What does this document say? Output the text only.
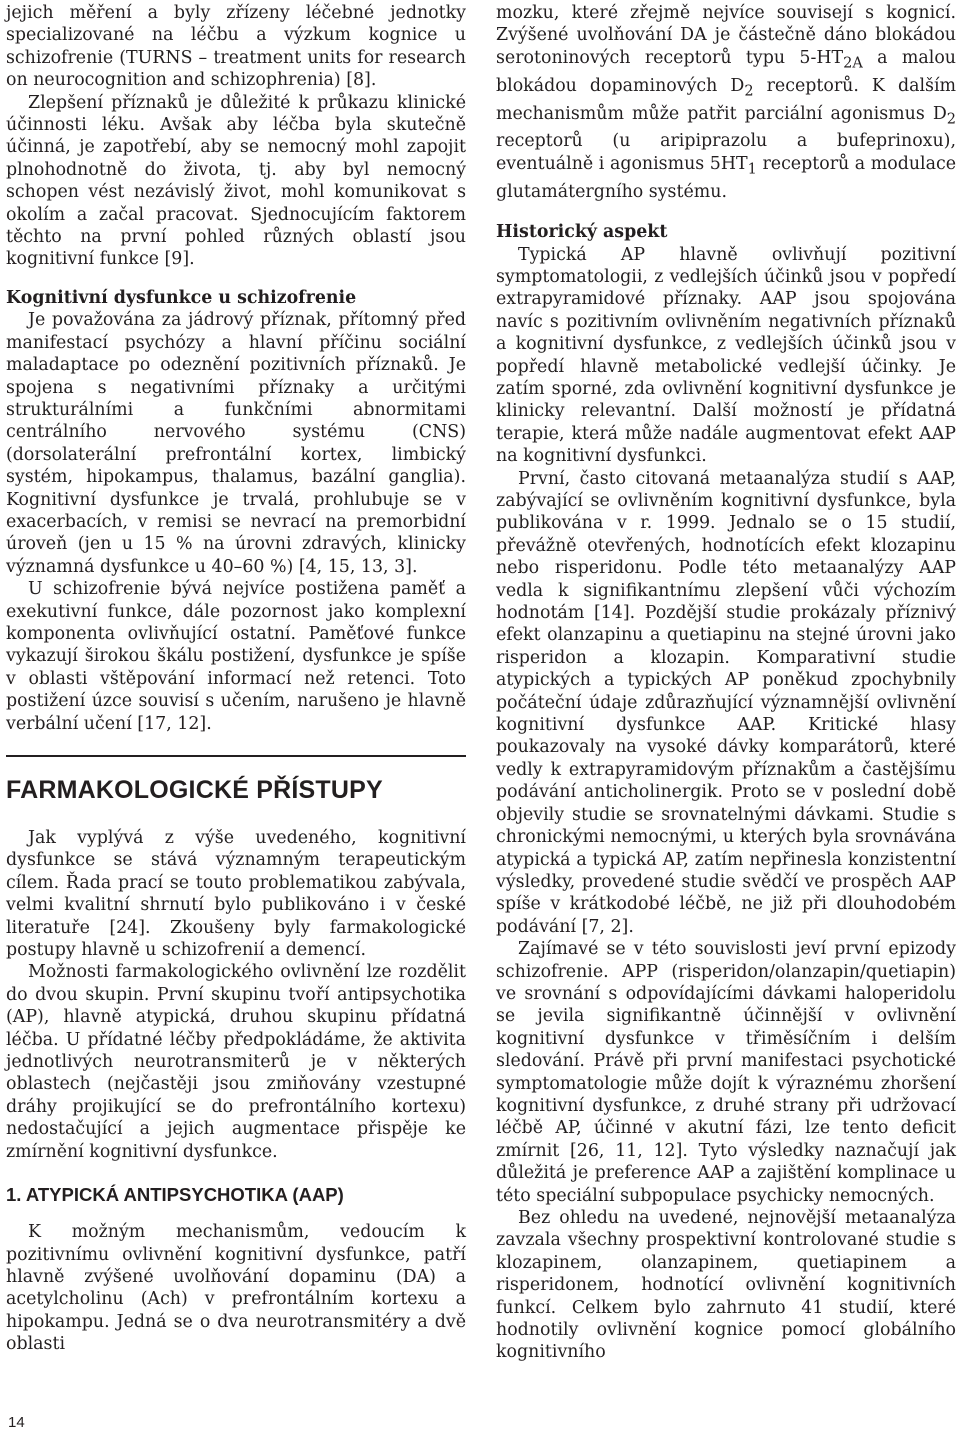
jejich měření a byly zřízeny léčebné jednotky specializované na léčbu a výzkum kognice u schizofrenie (TURNS – treatment units for research on neurocognition and schizophrenia) [8].

Zlepšení příznaků je důležité k průkazu klinické účinnosti léku. Avšak aby léčba byla skutečně účinná, je zapotřebí, aby se nemocný mohl zapojit plnohodnotně do života, tj. aby byl nemocný schopen vést nezávislý život, mohl komunikovat s okolím a začal pracovat. Sjednocujícím faktorem těchto na první pohled různých oblastí jsou kognitivní funkce [9].

Kognitivní dysfunkce u schizofrenie

Je považována za jádrový příznak, přítomný před manifestací psychózy a hlavní příčinu sociální maladaptace po odeznění pozitivních příznaků. Je spojena s negativními příznaky a určitými strukturálními a funkčními abnormitami centrálního nervového systému (CNS) (dorsolaterální prefrontální kortex, limbický systém, hipokampus, thalamus, bazální ganglia). Kognitivní dysfunkce je trvalá, prohlubuje se v exacerbacích, v remisi se nevrací na premorbidní úroveň (jen u 15 % na úrovni zdravých, klinicky významná dysfunkce u 40–60 %) [4, 15, 13, 3].

U schizofrenie bývá nejvíce postižena paměť a exekutivní funkce, dále pozornost jako komplexní komponenta ovlivňující ostatní. Paměťové funkce vykazují širokou škálu postižení, dysfunkce je spíše v oblasti vštěpování informací než retenci. Toto postižení úzce souvisí s učením, narušeno je hlavně verbální učení [17, 12].

FARMAKOLOGICKÉ PŘÍSTUPY

Jak vyplývá z výše uvedeného, kognitivní dysfunkce se stává významným terapeutickým cílem. Řada prací se touto problematikou zabývala, velmi kvalitní shrnutí bylo publikováno i v české literatuře [24]. Zkoušeny byly farmakologické postupy hlavně u schizofrenií a demencí.

Možnosti farmakologického ovlivnění lze rozdělit do dvou skupin. První skupinu tvoří antipsychotika (AP), hlavně atypická, druhou skupinu přídatná léčba. U přídatné léčby předpokládáme, že aktivita jednotlivých neurotransmiterů je v některých oblastech (nejčastěji jsou zmiňovány vzestupné dráhy projikující se do prefrontálního kortexu) nedostačující a jejich augmentace přispěje ke zmírnění kognitivní dysfunkce.

1. ATYPICKÁ ANTIPSYCHOTIKA (AAP)

K možným mechanismům, vedoucím k pozitivnímu ovlivnění kognitivní dysfunkce, patří hlavně zvýšené uvolňování dopaminu (DA) a acetylcholinu (Ach) v prefrontálním kortexu a hipokampu. Jedná se o dva neurotransmitéry a dvě oblasti

mozku, které zřejmě nejvíce souvisejí s kognicí. Zvýšené uvolňování DA je částečně dáno blokádou serotoninových receptorů typu $5-HT_{2A}$ a malou blokádou dopaminových $D_2$ receptorů. K dalším mechanismům může patřit parciální agonismus $D_2$ receptorů (u aripiprazolu a bufeprinoxu), eventuálně i agonismus $5HT_1$ receptorů a modulace glutamátergního systému.

Historický aspekt

Typická AP hlavně ovlivňují pozitivní symptomatologii, z vedlejších účinků jsou v popředí extrapyramidové příznaky. AAP jsou spojována navíc s pozitivním ovlivněním negativních příznaků a kognitivní dysfunkce, z vedlejších účinků jsou v popředí hlavně metabolické vedlejší účinky. Je zatím sporné, zda ovlivnění kognitivní dysfunkce je klinicky relevantní. Další možností je přídatná terapie, která může nadále augmentovat efekt AAP na kognitivní dysfunkci.

První, často citovaná metaanalýza studií s AAP, zabývající se ovlivněním kognitivní dysfunkce, byla publikována v r. 1999. Jednalo se o 15 studií, převážně otevřených, hodnotících efekt klozapinu nebo risperidonu. Podle této metaanalýzy AAP vedla k signifikantnímu zlepšení vůči výchozím hodnotám [14]. Pozdější studie prokázaly příznivý efekt olanzapinu a quetiapinu na stejné úrovni jako risperidon a klozapin. Komparativní studie atypických a typických AP poněkud zpochybnily počáteční údaje zdůrazňující významnější ovlivnění kognitivní dysfunkce AAP. Kritické hlasy poukazovaly na vysoké dávky komparátorů, které vedly k extrapyramidovým příznakům a častějšímu podávání anticholinergik. Proto se v poslední době objevily studie se srovnatelnými dávkami. Studie s chronickými nemocnými, u kterých byla srovnávána atypická a typická AP, zatím nepřinesla konzistentní výsledky, provedené studie svědčí ve prospěch AAP spíše v krátkodobé léčbě, ne již při dlouhodobém podávání [7, 2].

Zajímavé se v této souvislosti jeví první epizody schizofrenie. APP (risperidon/olanzapin/quetiapin) ve srovnání s odpovídajícími dávkami haloperidolu se jevila signifikantně účinnější v ovlivnění kognitivní dysfunkce v třiměsíčním i delším sledování. Právě při první manifestaci psychotické symptomatologie může dojít k výraznému zhoršení kognitivní dysfunkce, z druhé strany při udržovací léčbě AP, účinné v akutní fázi, lze tento deficit zmírnit [26, 11, 12]. Tyto výsledky naznačují jak důležitá je preference AAP a zajištění komplinace u této speciální subpopulace psychicky nemocných.

Bez ohledu na uvedené, nejnovější metaanalýza zavzala všechny prospektivní kontrolované studie s klozapinem, olanzapinem, quetiapinem a risperidonem, hodnotící ovlivnění kognitivních funkcí. Celkem bylo zahrnuto 41 studií, které hodnotily ovlivnění kognice pomocí globálního kognitivního

14
